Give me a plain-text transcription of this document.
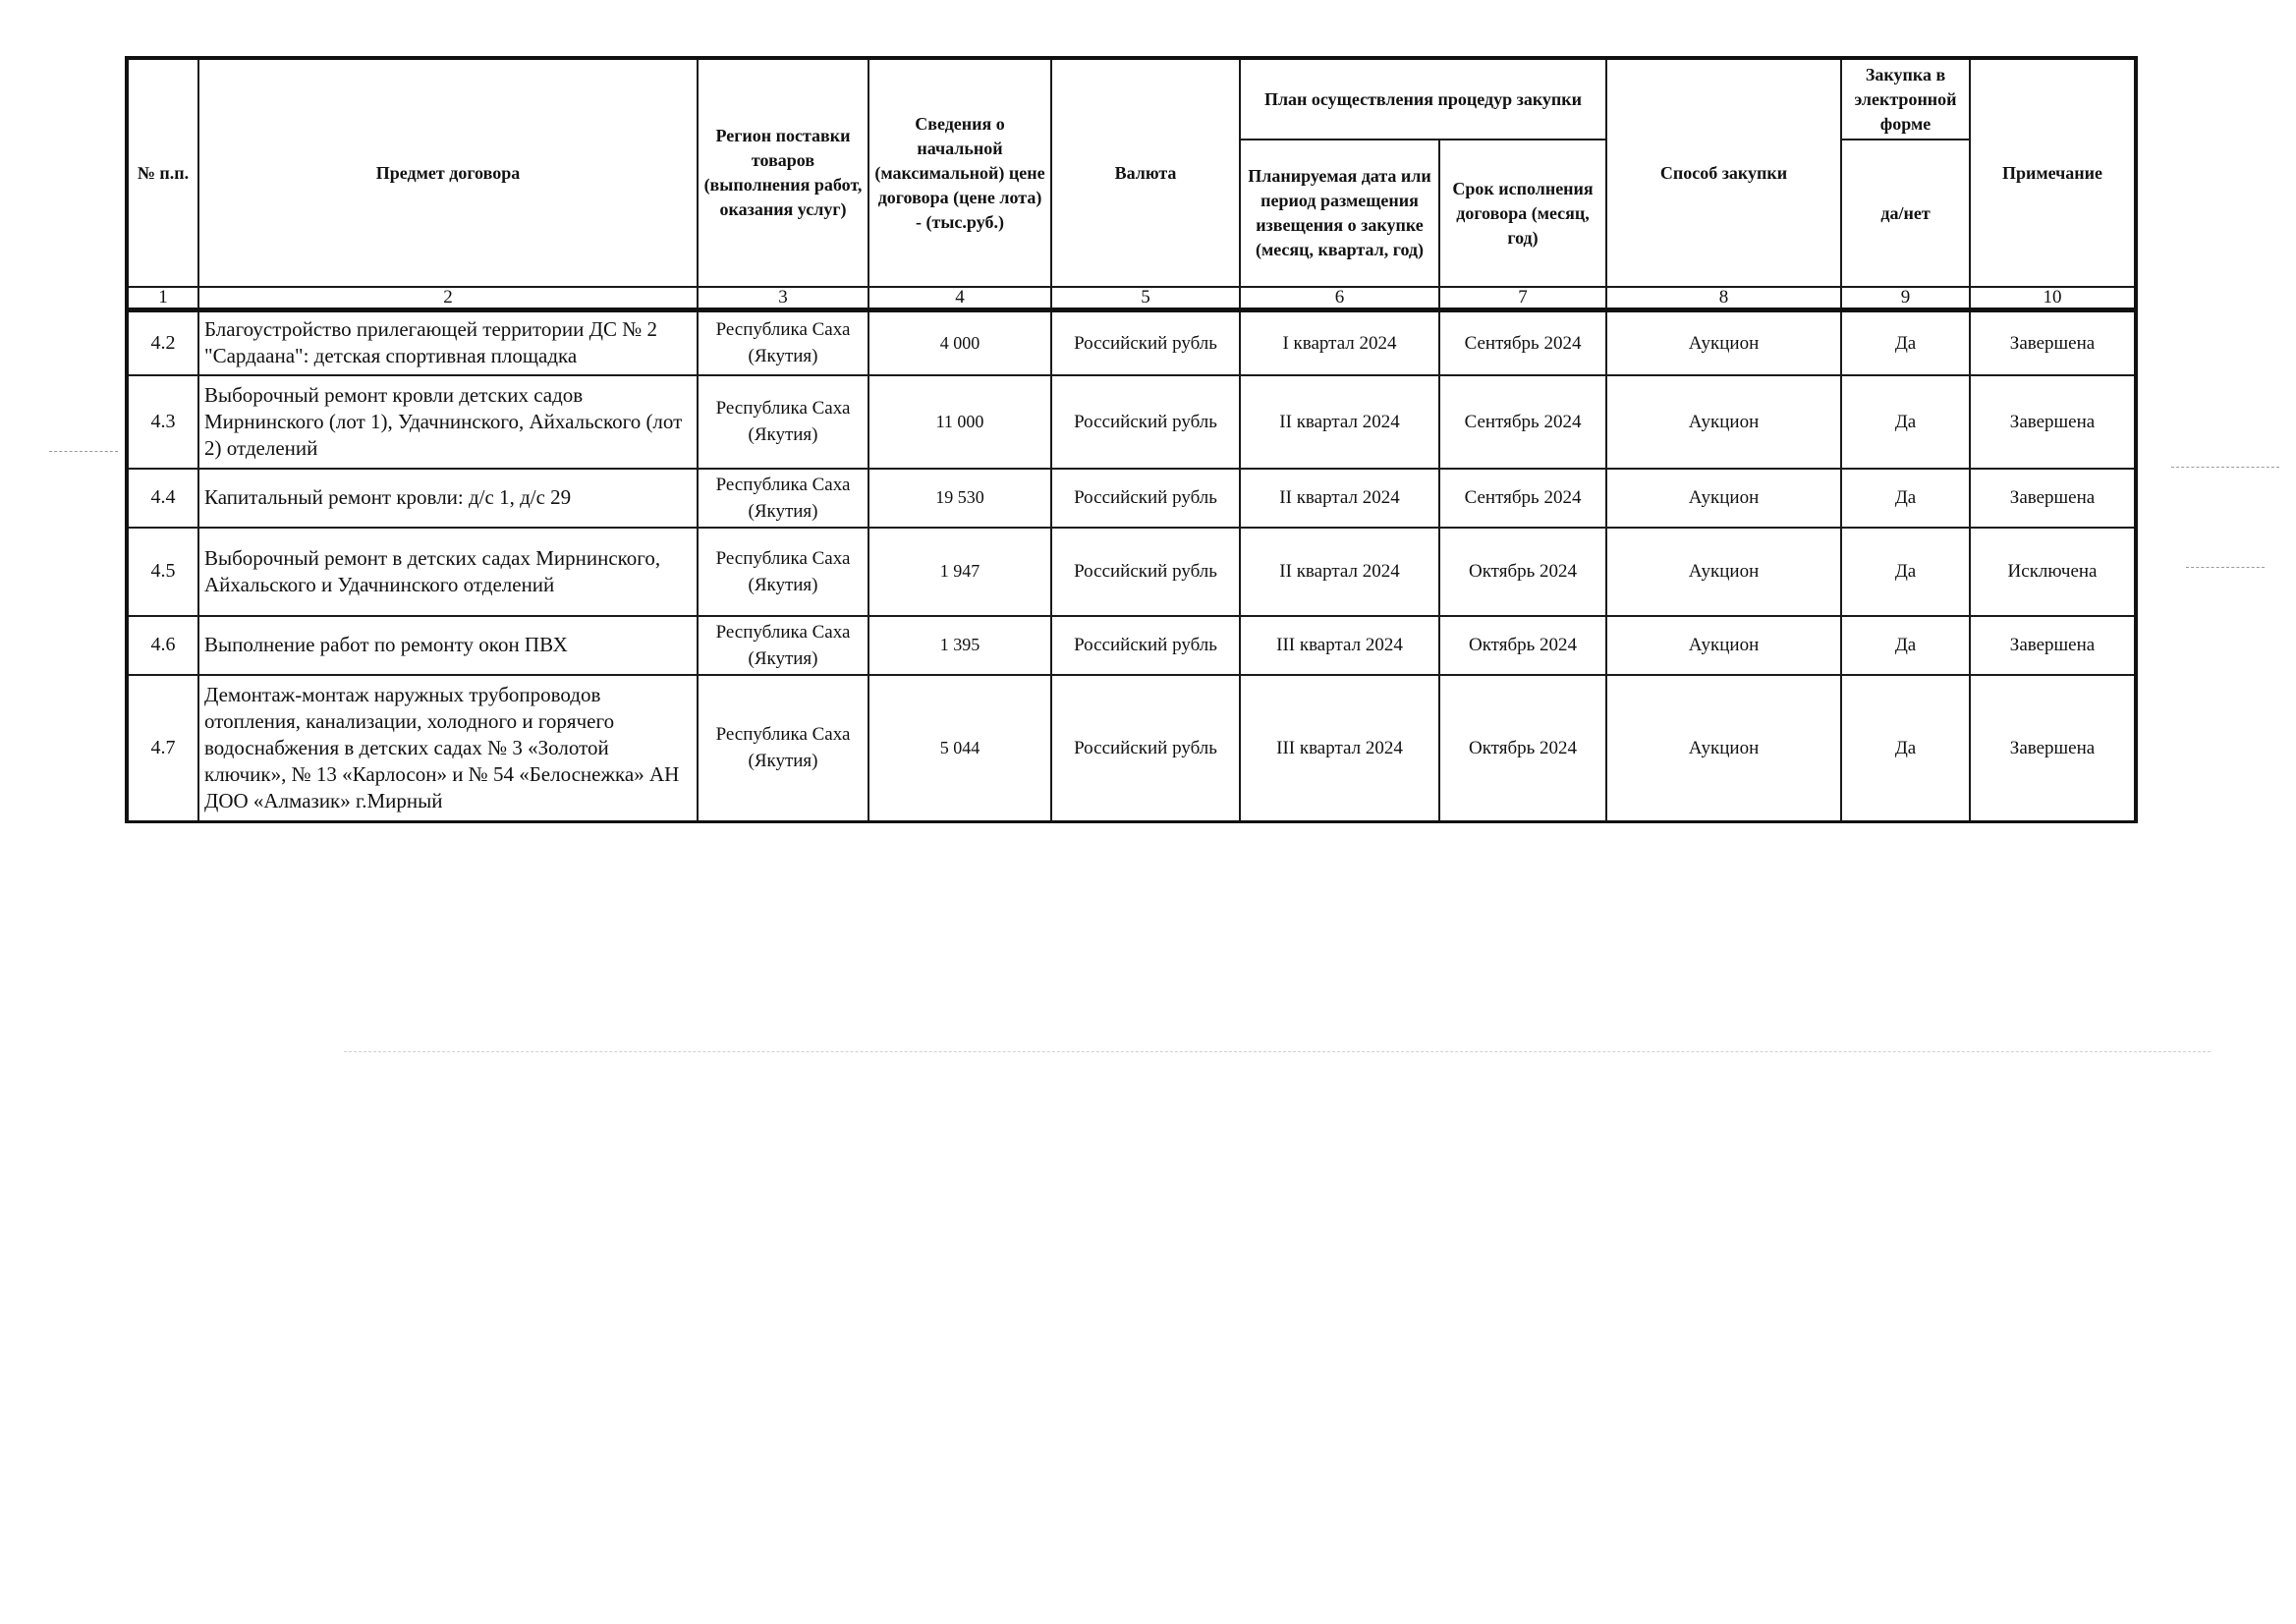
№ п.п.	Предмет договора	Регион поставки товаров (выполнения работ, оказания услуг)	Сведения о начальной (максимальной) цене договора (цене лота) - (тыс.руб.)	Валюта	План осуществления процедур закупки		Способ закупки	Закупка в электронной форме	Примечание
					Планируемая дата или период размещения извещения о закупке (месяц, квартал, год)	Срок исполнения договора (месяц, год)		да/нет	
1	2	3	4	5	6	7	8	9	10
4.2	Благоустройство прилегающей территории ДС № 2 "Сардаана": детская спортивная площадка	Республика Саха (Якутия)	4 000	Российский рубль	I квартал 2024	Сентябрь 2024	Аукцион	Да	Завершена
4.3	Выборочный ремонт кровли детских садов Мирнинского (лот 1), Удачнинского, Айхальского (лот 2) отделений	Республика Саха (Якутия)	11 000	Российский рубль	II квартал 2024	Сентябрь 2024	Аукцион	Да	Завершена
4.4	Капитальный ремонт кровли: д/с 1, д/с 29	Республика Саха (Якутия)	19 530	Российский рубль	II квартал 2024	Сентябрь 2024	Аукцион	Да	Завершена
4.5	Выборочный ремонт в детских садах Мирнинского, Айхальского и Удачнинского отделений	Республика Саха (Якутия)	1 947	Российский рубль	II квартал 2024	Октябрь 2024	Аукцион	Да	Исключена
4.6	Выполнение работ по ремонту окон ПВХ	Республика Саха (Якутия)	1 395	Российский рубль	III квартал 2024	Октябрь 2024	Аукцион	Да	Завершена
4.7	Демонтаж-монтаж наружных трубопроводов отопления, канализации, холодного и горячего водоснабжения в детских садах № 3 «Золотой ключик», № 13 «Карлосон» и № 54 «Белоснежка» АН ДОО «Алмазик» г.Мирный	Республика Саха (Якутия)	5 044	Российский рубль	III квартал 2024	Октябрь 2024	Аукцион	Да	Завершена
